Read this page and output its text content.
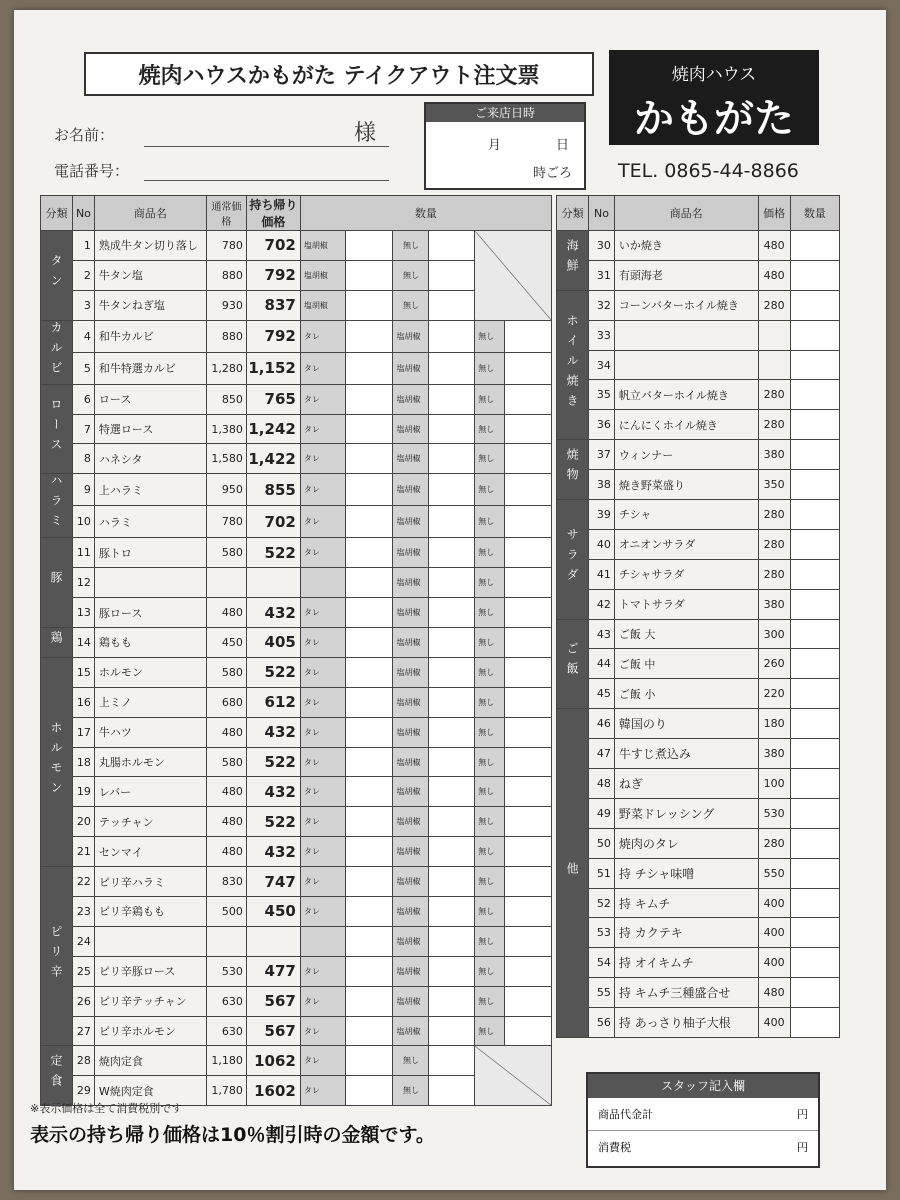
焼肉ハウスかもがた テイクアウト注文票	焼肉ハウス
かもがた
TEL. 0865-44-8866
お名前：	様
電話番号：
ご来店日時
月	日
時ごろ
分類	No	商品名	通常価格	持ち帰り価格	数量					
タン	1	熟成牛タン切り落し	780	702	塩胡椒		無し			
	2	牛タン塩	880	792	塩胡椒		無し			
	3	牛タンねぎ塩	930	837	塩胡椒		無し			
カルビ	4	和牛カルビ	880	792	タレ		塩胡椒		無し	
	5	和牛特選カルビ	1,280	1,152	タレ		塩胡椒		無し	
ロース	6	ロース	850	765	タレ		塩胡椒		無し	
	7	特選ロース	1,380	1,242	タレ		塩胡椒		無し	
	8	ハネシタ	1,580	1,422	タレ		塩胡椒		無し	
ハラミ	9	上ハラミ	950	855	タレ		塩胡椒		無し	
	10	ハラミ	780	702	タレ		塩胡椒		無し	
豚	11	豚トロ	580	522	タレ		塩胡椒		無し	
	12						塩胡椒		無し	
	13	豚ロース	480	432	タレ		塩胡椒		無し	
鶏	14	鶏もも	450	405	タレ		塩胡椒		無し	
ホルモン	15	ホルモン	580	522	タレ		塩胡椒		無し	
	16	上ミノ	680	612	タレ		塩胡椒		無し	
	17	牛ハツ	480	432	タレ		塩胡椒		無し	
	18	丸腸ホルモン	580	522	タレ		塩胡椒		無し	
	19	レバー	480	432	タレ		塩胡椒		無し	
	20	テッチャン	480	522	タレ		塩胡椒		無し	
	21	センマイ	480	432	タレ		塩胡椒		無し	
ピリ辛	22	ピリ辛ハラミ	830	747	タレ		塩胡椒		無し	
	23	ピリ辛鶏もも	500	450	タレ		塩胡椒		無し	
	24						塩胡椒		無し	
	25	ピリ辛豚ロース	530	477	タレ		塩胡椒		無し	
	26	ピリ辛テッチャン	630	567	タレ		塩胡椒		無し	
	27	ピリ辛ホルモン	630	567	タレ		塩胡椒		無し	
定食	28	焼肉定食	1,180	1062	タレ		無し			
	29	W焼肉定食	1,780	1602	タレ		無し			
分類	No	商品名	価格	数量
海鮮	30	いか焼き	480	
	31	有頭海老	480	
ホイル焼き	32	コーンバターホイル焼き	280	
	33			
	34			
	35	帆立バターホイル焼き	280	
	36	にんにくホイル焼き	280	
焼物	37	ウィンナー	380	
	38	焼き野菜盛り	350	
サラダ	39	チシャ	280	
	40	オニオンサラダ	280	
	41	チシャサラダ	280	
	42	トマトサラダ	380	
ご飯	43	ご飯 大	300	
	44	ご飯 中	260	
	45	ご飯 小	220	
他	46	韓国のり	180	
	47	牛すじ煮込み	380	
	48	ねぎ	100	
	49	野菜ドレッシング	530	
	50	焼肉のタレ	280	
	51	持 チシャ味噌	550	
	52	持 キムチ	400	
	53	持 カクテキ	400	
	54	持 オイキムチ	400	
	55	持 キムチ三種盛合せ	480	
	56	持 あっさり柚子大根	400	
※表示価格は全て消費税別です
表示の持ち帰り価格は10％割引時の金額です。
スタッフ記入欄
商品代金計	円
消費税	円
